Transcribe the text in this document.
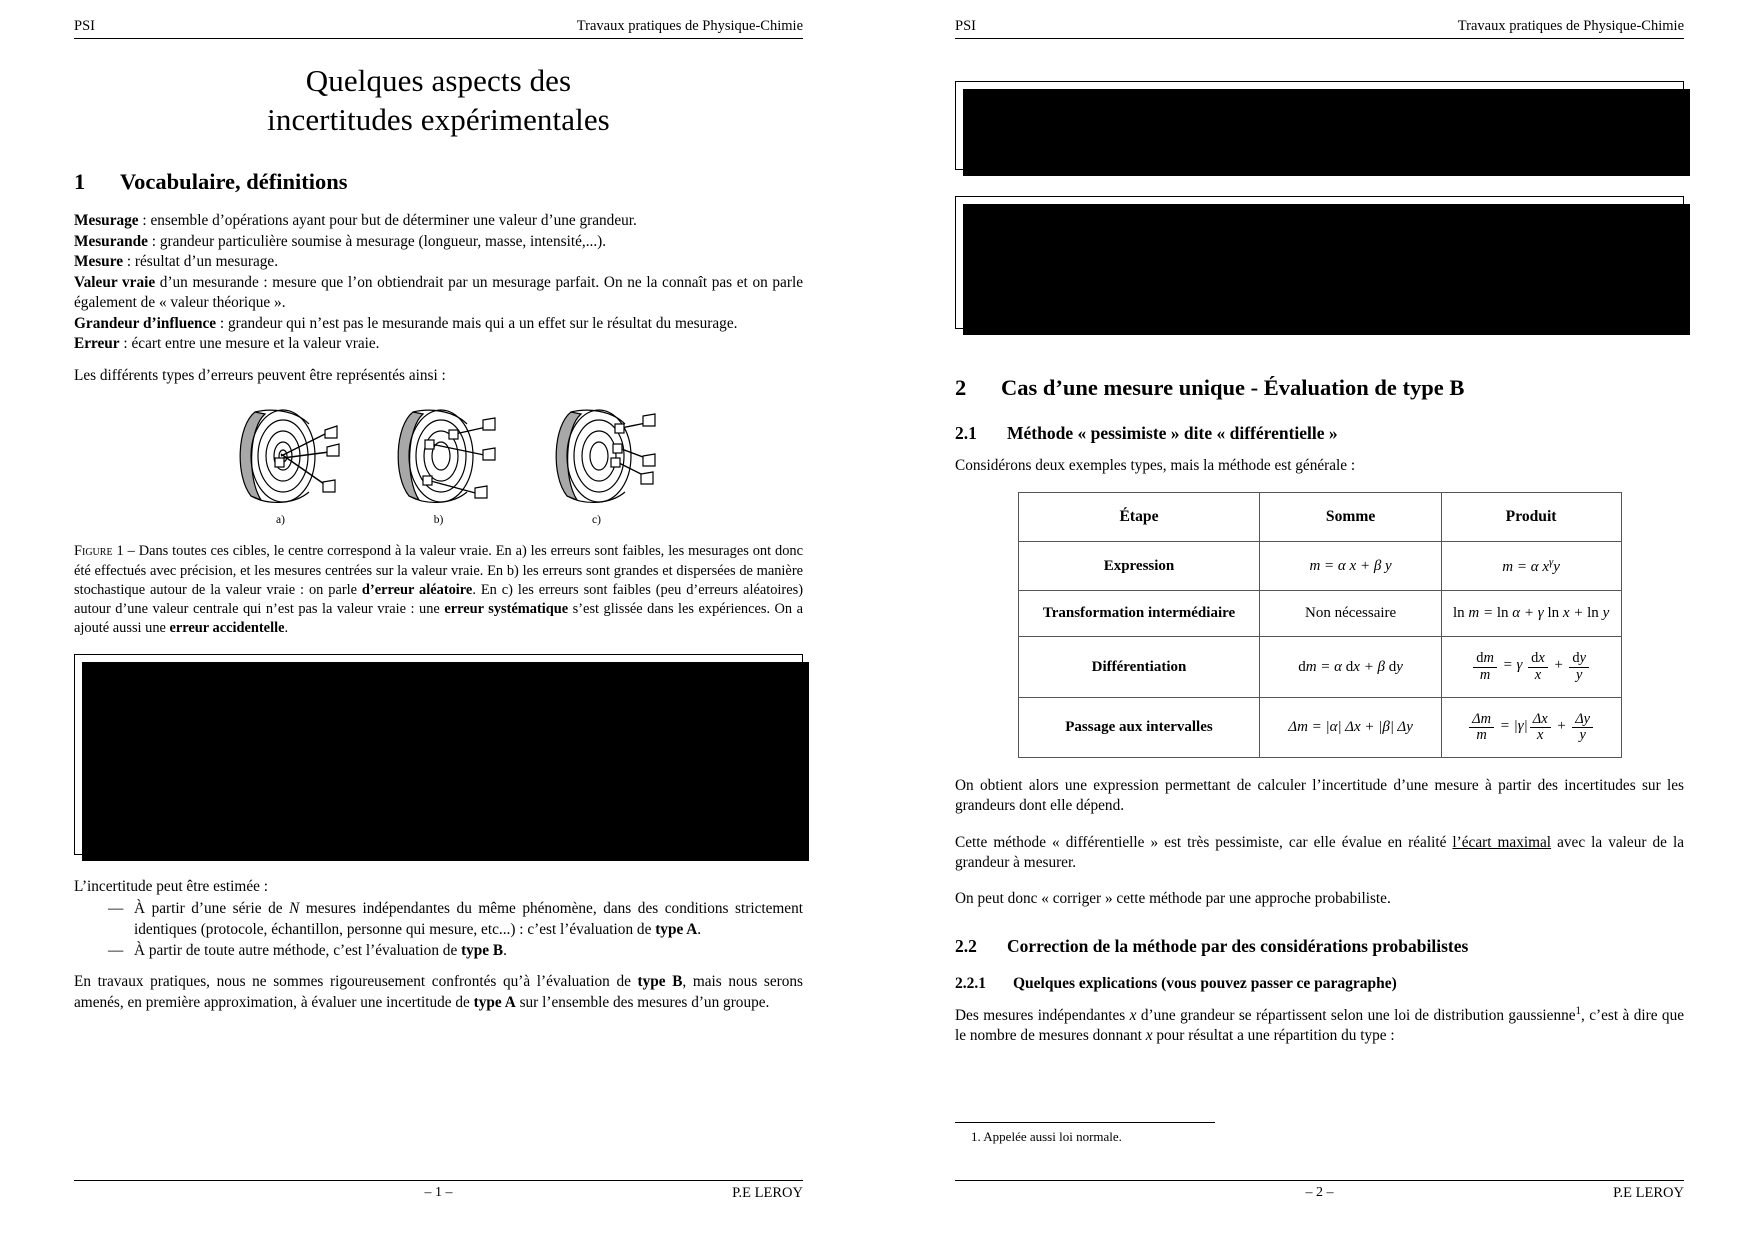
PSI	Travaux pratiques de Physique-Chimie
Quelques aspects des
incertitudes expérimentales
1	Vocabulaire, définitions

Mesurage : ensemble d’opérations ayant pour but de déterminer une valeur d’une grandeur.

Mesurande : grandeur particulière soumise à mesurage (longueur, masse, intensité,...).

Mesure : résultat d’un mesurage.

Valeur vraie d’un mesurande : mesure que l’on obtiendrait par un mesurage parfait. On ne la connaît pas et on parle également de « valeur théorique ».

Grandeur d’influence : grandeur qui n’est pas le mesurande mais qui a un effet sur le résultat du mesurage.

Erreur : écart entre une mesure et la valeur vraie.

Les différents types d’erreurs peuvent être représentés ainsi :

a)	b)	c)
Figure 1 – Dans toutes ces cibles, le centre correspond à la valeur vraie. En a) les erreurs sont faibles, les mesurages ont donc été effectués avec précision, et les mesures centrées sur la valeur vraie. En b) les erreurs sont grandes et dispersées de manière stochastique autour de la valeur vraie : on parle d’erreur aléatoire. En c) les erreurs sont faibles (peu d’erreurs aléatoires) autour d’une valeur centrale qui n’est pas la valeur vraie : une erreur systématique s’est glissée dans les expériences. On a ajouté aussi une erreur accidentelle.

On notera :

Δm l’incertitude élargie, qui caractérise l’intervalle de confiance, en général à 95 %

δm l’incertitude type, qui caractérise la dispersion des mesures

$\frac{\Delta m}{m}$ la précision de la mesure, exprimée en %

C’est l’incertitude élargie Δm qui nous intéresse puisque le résultat d’une mesure s’écrit :

m = … ± Δm

L’incertitude peut être estimée :

— À partir d’une série de N mesures indépendantes du même phénomène, dans des conditions strictement identiques (protocole, échantillon, personne qui mesure, etc...) : c’est l’évaluation de type A.
— À partir de toute autre méthode, c’est l’évaluation de type B.

En travaux pratiques, nous ne sommes rigoureusement confrontés qu’à l’évaluation de type B, mais nous serons amenés, en première approximation, à évaluer une incertitude de type A sur l’ensemble des mesures d’un groupe.

– 1 –	P.E LEROY
PSI	Travaux pratiques de Physique-Chimie

Évaluation de type A :

La détermination de cette incertitude élargie Δm se fera simplement en combinant les différentes mesures effectuées (voir section 3).

Évaluation de type B :

La détermination de cette incertitude élargie Δm se fera en deux étapes (voir section 2) :

• application de la méthode « différentielle » pour déterminer l’expression de cette incertitude (méthode pessimiste) ;
• correction de cette méthode par des considérations probabilistes.
2	Cas d’une mesure unique - Évaluation de type B
2.1	Méthode « pessimiste » dite « différentielle »

Considérons deux exemples types, mais la méthode est générale :

Étape	Somme	Produit
Expression	m = α x + β y	m = α $x^\gamma y$
Transformation intermédiaire	Non nécessaire	ln m = ln α + γ ln x + ln y
Différentiation	dm = α dx + β dy	$\frac{dm}{m} = \gamma \frac{dx}{x} + \frac{dy}{y}$

Passage aux intervalles	Δm = |α| Δx + |β| Δy	$\frac{\Delta m}{m} = |\gamma| \frac{\Delta x}{x} + \frac{\Delta y}{y}$

On obtient alors une expression permettant de calculer l’incertitude d’une mesure à partir des incertitudes sur les grandeurs dont elle dépend.

Cette méthode « différentielle » est très pessimiste, car elle évalue en réalité l’écart maximal avec la valeur de la grandeur à mesurer.

On peut donc « corriger » cette méthode par une approche probabiliste.

2.2	Correction de la méthode par des considérations probabilistes
2.2.1	Quelques explications (vous pouvez passer ce paragraphe)

Des mesures indépendantes x d’une grandeur se répartissent selon une loi de distribution gaussienne$^1$, c’est à dire que le nombre de mesures donnant x pour résultat a une répartition du type :

1. Appelée aussi loi normale.
– 2 –	P.E LEROY
